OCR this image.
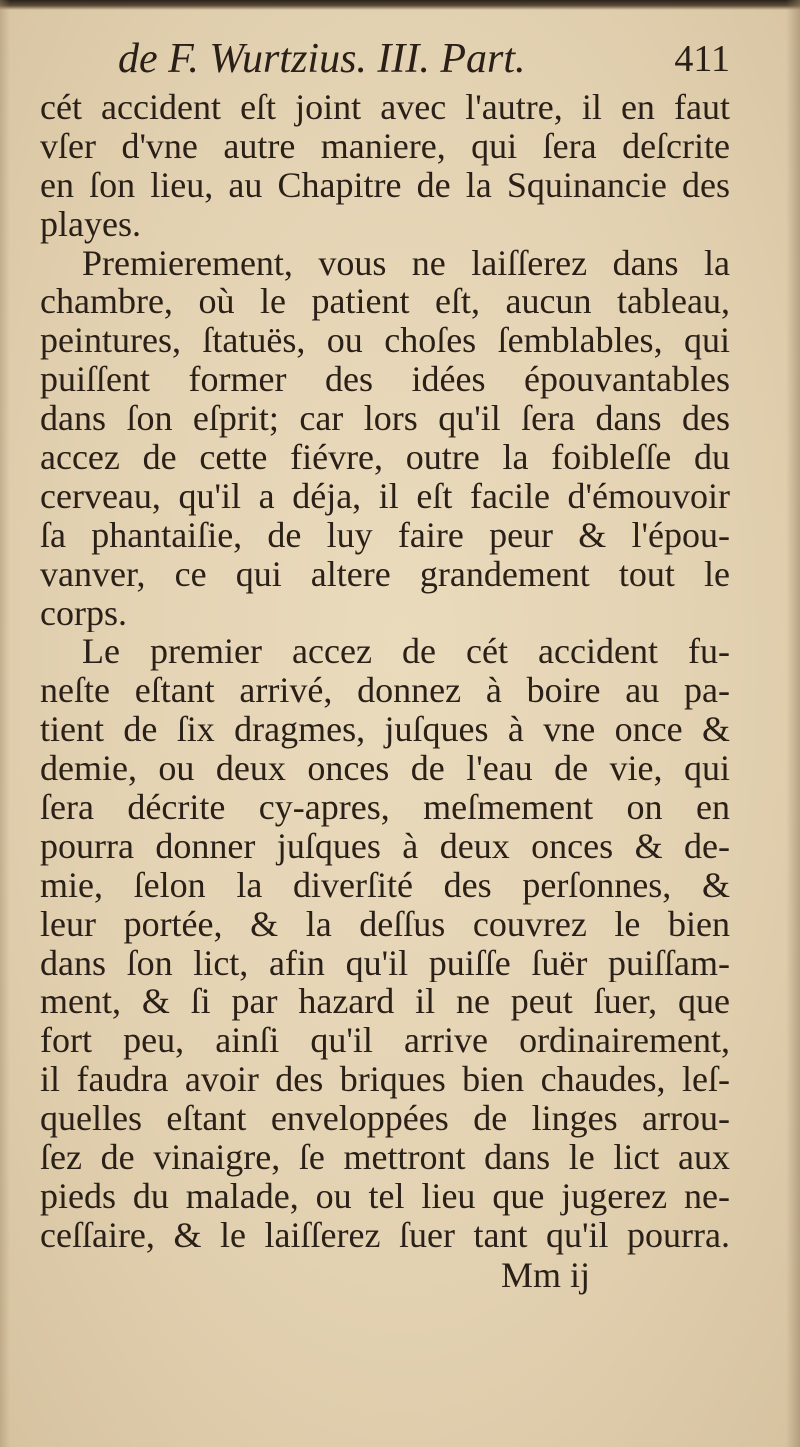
de F. Wurtzius. III. Part.	411
cét accident eſt joint avec l'autre, il en faut
vſer d'vne autre maniere, qui ſera deſcrite
en ſon lieu, au Chapitre de la Squinancie des
playes.
Premierement, vous ne laiſſerez dans la
chambre, où le patient eſt, aucun tableau,
peintures, ſtatuës, ou choſes ſemblables, qui
puiſſent former des idées épouvantables
dans ſon eſprit; car lors qu'il ſera dans des
accez de cette fiévre, outre la foibleſſe du
cerveau, qu'il a déja, il eſt facile d'émouvoir
ſa phantaiſie, de luy faire peur & l'épou-
vanver, ce qui altere grandement tout le
corps.
Le premier accez de cét accident fu-
neſte eſtant arrivé, donnez à boire au pa-
tient de ſix dragmes, juſques à vne once &
demie, ou deux onces de l'eau de vie, qui
ſera décrite cy-apres, meſmement on en
pourra donner juſques à deux onces & de-
mie, ſelon la diverſité des perſonnes, &
leur portée, & la deſſus couvrez le bien
dans ſon lict, afin qu'il puiſſe ſuër puiſſam-
ment, & ſi par hazard il ne peut ſuer, que
fort peu, ainſi qu'il arrive ordinairement,
il faudra avoir des briques bien chaudes, leſ-
quelles eſtant enveloppées de linges arrou-
ſez de vinaigre, ſe mettront dans le lict aux
pieds du malade, ou tel lieu que jugerez ne-
ceſſaire, & le laiſſerez ſuer tant qu'il pourra.
Mm ij
